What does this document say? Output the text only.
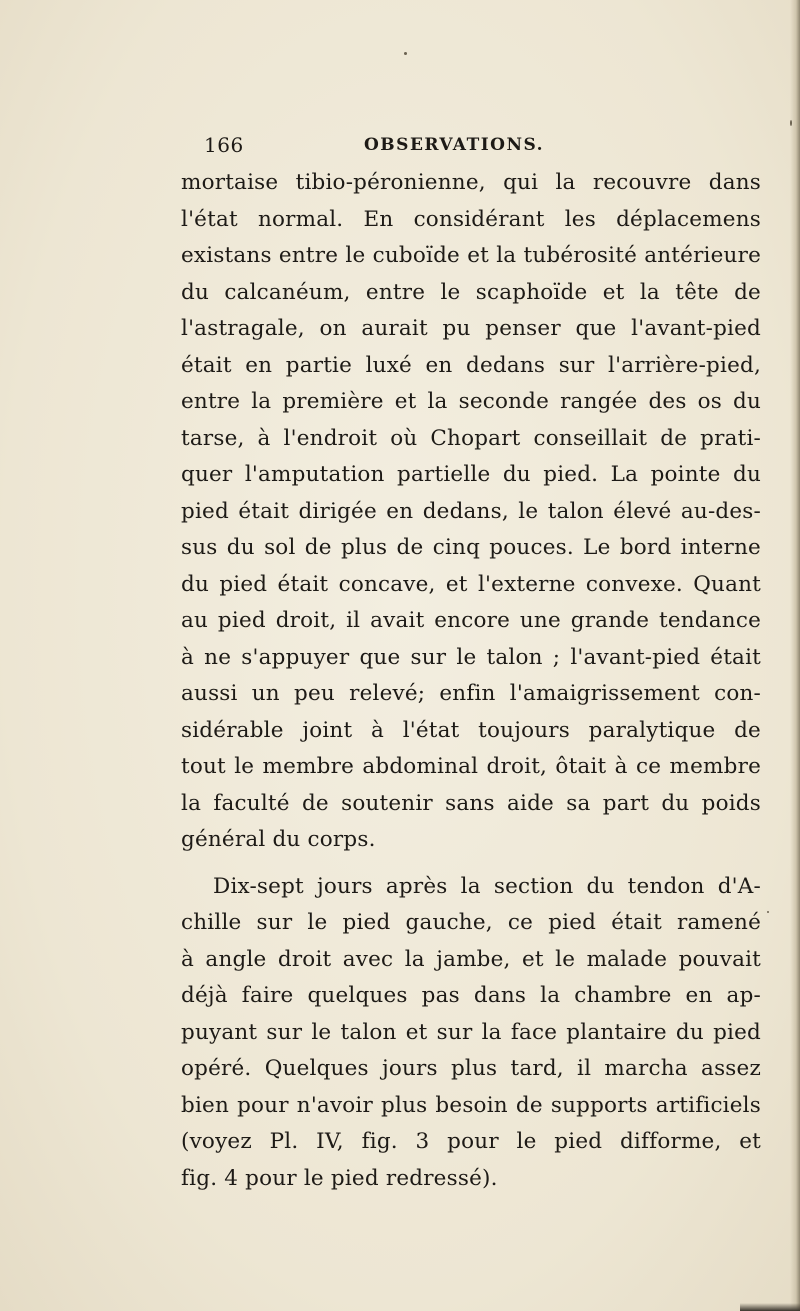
166	OBSERVATIONS.
mortaise tibio-péronienne, qui la recouvre dans
l'état normal. En considérant les déplacemens
existans entre le cuboïde et la tubérosité antérieure
du calcanéum, entre le scaphoïde et la tête de
l'astragale, on aurait pu penser que l'avant-pied
était en partie luxé en dedans sur l'arrière-pied,
entre la première et la seconde rangée des os du
tarse, à l'endroit où Chopart conseillait de prati-
quer l'amputation partielle du pied. La pointe du
pied était dirigée en dedans, le talon élevé au-des-
sus du sol de plus de cinq pouces. Le bord interne
du pied était concave, et l'externe convexe. Quant
au pied droit, il avait encore une grande tendance
à ne s'appuyer que sur le talon ; l'avant-pied était
aussi un peu relevé; enfin l'amaigrissement con-
sidérable joint à l'état toujours paralytique de
tout le membre abdominal droit, ôtait à ce membre
la faculté de soutenir sans aide sa part du poids
général du corps.
Dix-sept jours après la section du tendon d'A-
chille sur le pied gauche, ce pied était ramené
à angle droit avec la jambe, et le malade pouvait
déjà faire quelques pas dans la chambre en ap-
puyant sur le talon et sur la face plantaire du pied
opéré. Quelques jours plus tard, il marcha assez
bien pour n'avoir plus besoin de supports artificiels
(voyez Pl. IV, fig. 3 pour le pied difforme, et
fig. 4 pour le pied redressé).
